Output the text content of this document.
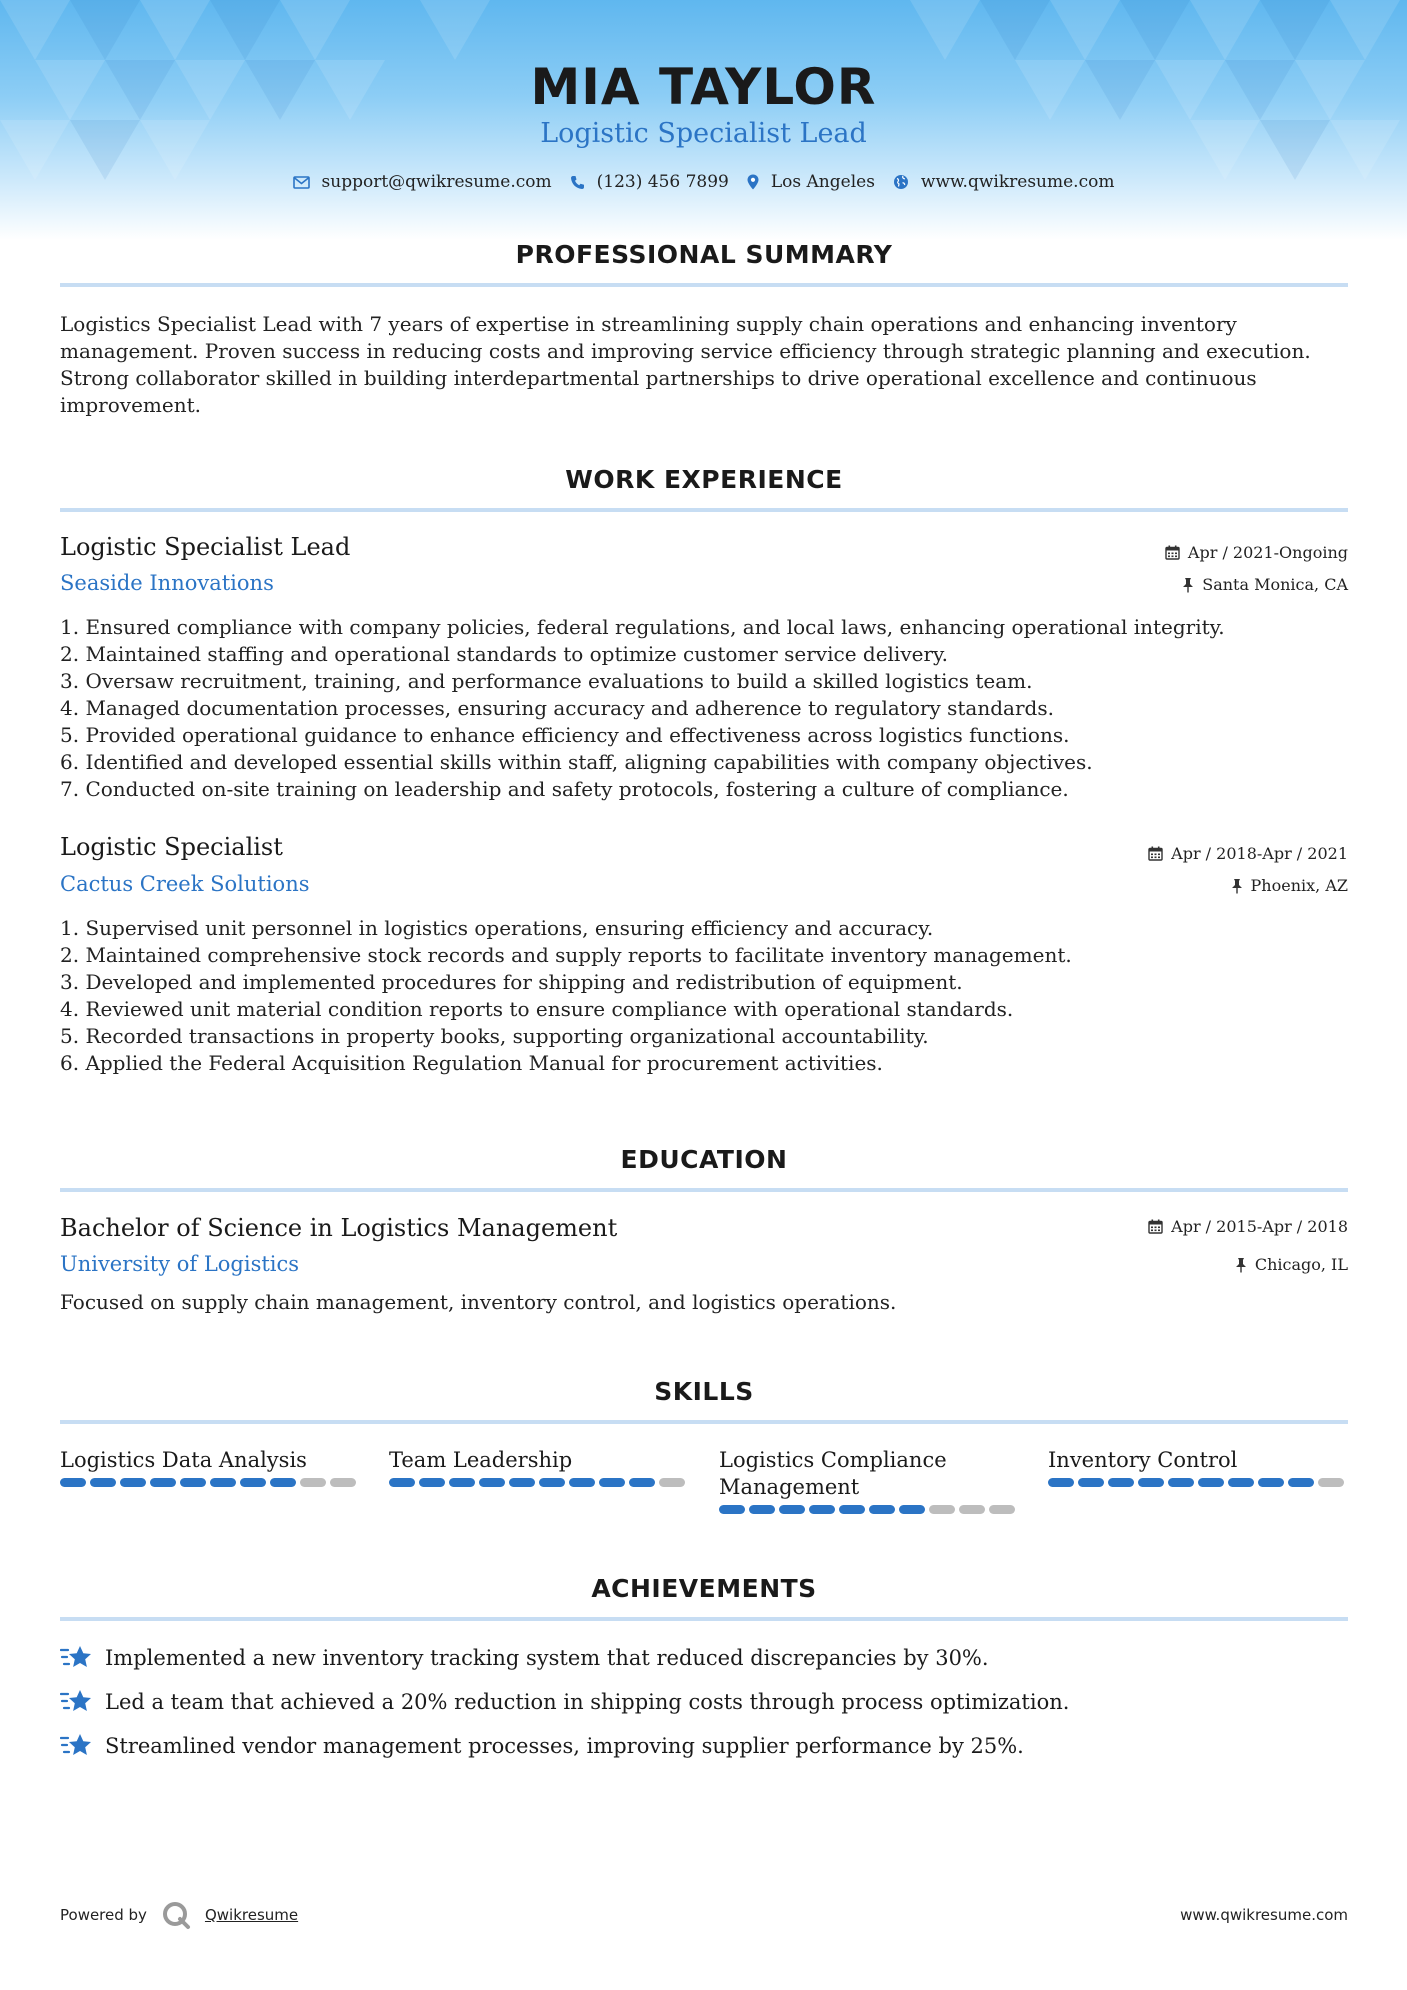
MIA TAYLOR
Logistic Specialist Lead
support@qwikresume.com	(123) 456 7899 Los Angeles	www.qwikresume.com
PROFESSIONAL SUMMARY
Logistics Specialist Lead with 7 years of expertise in streamlining supply chain operations and enhancing inventory management. Proven success in reducing costs and improving service efficiency through strategic planning and execution. Strong collaborator skilled in building interdepartmental partnerships to drive operational excellence and continuous improvement.
WORK EXPERIENCE
Logistic Specialist Lead	Apr / 2021-Ongoing
Seaside Innovations	Santa Monica, CA
1. Ensured compliance with company policies, federal regulations, and local laws, enhancing operational integrity.
2. Maintained staffing and operational standards to optimize customer service delivery.
3. Oversaw recruitment, training, and performance evaluations to build a skilled logistics team.
4. Managed documentation processes, ensuring accuracy and adherence to regulatory standards.
5. Provided operational guidance to enhance efficiency and effectiveness across logistics functions.
6. Identified and developed essential skills within staff, aligning capabilities with company objectives.
7. Conducted on-site training on leadership and safety protocols, fostering a culture of compliance.
Logistic Specialist	Apr / 2018-Apr / 2021
Cactus Creek Solutions	Phoenix, AZ
1. Supervised unit personnel in logistics operations, ensuring efficiency and accuracy.
2. Maintained comprehensive stock records and supply reports to facilitate inventory management.
3. Developed and implemented procedures for shipping and redistribution of equipment.
4. Reviewed unit material condition reports to ensure compliance with operational standards.
5. Recorded transactions in property books, supporting organizational accountability.
6. Applied the Federal Acquisition Regulation Manual for procurement activities.
EDUCATION
Bachelor of Science in Logistics Management	Apr / 2015-Apr / 2018
University of Logistics	Chicago, IL
Focused on supply chain management, inventory control, and logistics operations.
SKILLS
Logistics Data Analysis	Team Leadership	Logistics Compliance Management
Inventory Control
ACHIEVEMENTS
Implemented a new inventory tracking system that reduced discrepancies by 30%.
Led a team that achieved a 20% reduction in shipping costs through process optimization.
Streamlined vendor management processes, improving supplier performance by 25%.
Powered by	Qwikresume	www.qwikresume.com
